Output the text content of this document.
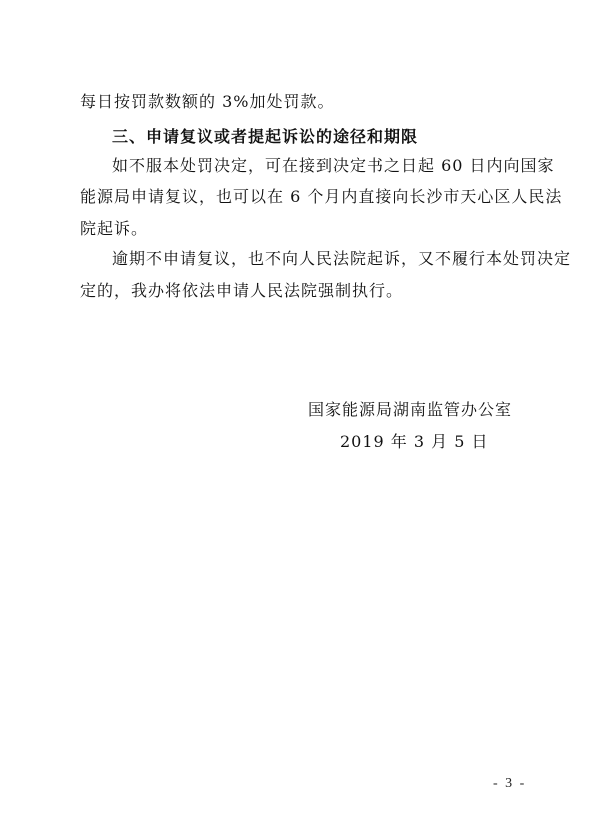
每日按罚款数额的 3%加处罚款。
三、申请复议或者提起诉讼的途径和期限
如不服本处罚决定，可在接到决定书之日起 60 日内向国家
能源局申请复议，也可以在 6 个月内直接向长沙市天心区人民法
院起诉。
逾期不申请复议，也不向人民法院起诉，又不履行本处罚决定
定的，我办将依法申请人民法院强制执行。
国家能源局湖南监管办公室
2019 年 3 月 5 日
- 3 -
